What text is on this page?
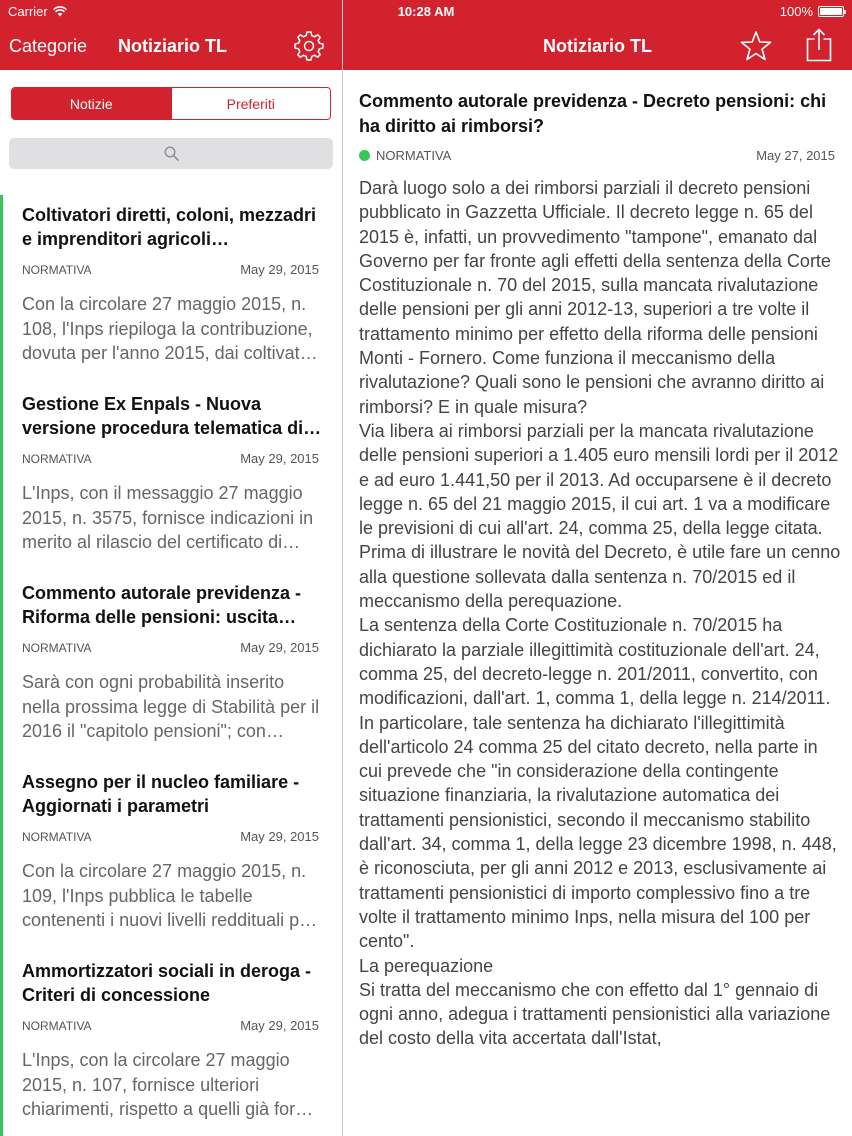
Carrier	10:28 AM	100%
Categorie Notiziario TL	Notiziario TL
Notizie	Preferiti
Coltivatori diretti, coloni, mezzadri e imprenditori agricoli
NORMATIVA	May 29, 2015
Con la circolare 27 maggio 2015, n. 108, l'Inps riepiloga la contribuzione, dovuta per l'anno 2015, dai coltivatori
Gestione Ex Enpals - Nuova versione procedura telematica di
NORMATIVA	May 29, 2015
L'Inps, con il messaggio 27 maggio 2015, n. 3575, fornisce indicazioni in merito al rilascio del certificato di
Commento autorale previdenza - Riforma delle pensioni: uscita
NORMATIVA	May 29, 2015
Sarà con ogni probabilità inserito nella prossima legge di Stabilità per il 2016 il "capitolo pensioni"; con
Assegno per il nucleo familiare - Aggiornati i parametri
NORMATIVA	May 29, 2015
Con la circolare 27 maggio 2015, n. 109, l'Inps pubblica le tabelle contenenti i nuovi livelli reddituali per
Ammortizzatori sociali in deroga - Criteri di concessione
NORMATIVA	May 29, 2015
L'Inps, con la circolare 27 maggio 2015, n. 107, fornisce ulteriori chiarimenti, rispetto a quelli già forniti
Commento autorale previdenza - Decreto pensioni: chi ha diritto ai rimborsi?
NORMATIVA	May 27, 2015

Darà luogo solo a dei rimborsi parziali il decreto pensioni pubblicato in Gazzetta Ufficiale. Il decreto legge n. 65 del 2015 è, infatti, un provvedimento "tampone", emanato dal Governo per far fronte agli effetti della sentenza della Corte Costituzionale n. 70 del 2015, sulla mancata rivalutazione delle pensioni per gli anni 2012-13, superiori a tre volte il trattamento minimo per effetto della riforma delle pensioni Monti - Fornero. Come funziona il meccanismo della rivalutazione? Quali sono le pensioni che avranno diritto ai rimborsi? E in quale misura?

Via libera ai rimborsi parziali per la mancata rivalutazione delle pensioni superiori a 1.405 euro mensili lordi per il 2012 e ad euro 1.441,50 per il 2013. Ad occuparsene è il decreto legge n. 65 del 21 maggio 2015, il cui art. 1 va a modificare le previsioni di cui all'art. 24, comma 25, della legge citata.

Prima di illustrare le novità del Decreto, è utile fare un cenno alla questione sollevata dalla sentenza n. 70/2015 ed il meccanismo della perequazione.

La sentenza della Corte Costituzionale n. 70/2015 ha dichiarato la parziale illegittimità costituzionale dell'art. 24, comma 25, del decreto-legge n. 201/2011, convertito, con modificazioni, dall'art. 1, comma 1, della legge n. 214/2011. In particolare, tale sentenza ha dichiarato l'illegittimità dell'articolo 24 comma 25 del citato decreto, nella parte in cui prevede che "in considerazione della contingente situazione finanziaria, la rivalutazione automatica dei trattamenti pensionistici, secondo il meccanismo stabilito dall'art. 34, comma 1, della legge 23 dicembre 1998, n. 448, è riconosciuta, per gli anni 2012 e 2013, esclusivamente ai trattamenti pensionistici di importo complessivo fino a tre volte il trattamento minimo Inps, nella misura del 100 per cento".

La perequazione

Si tratta del meccanismo che con effetto dal 1° gennaio di ogni anno, adegua i trattamenti pensionistici alla variazione del costo della vita accertata dall'Istat,
